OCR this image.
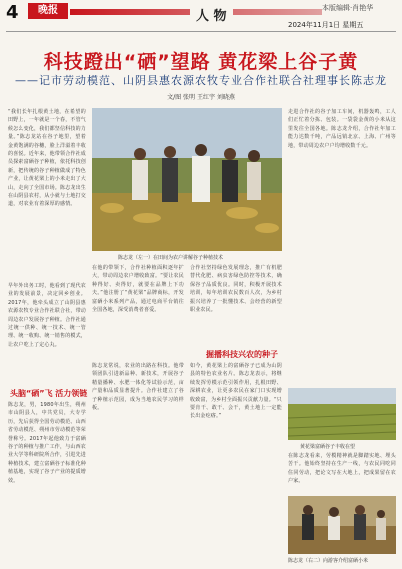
4	晚报	人 物
本版编辑·肖艳华
2024年11月1日 星期五
科技蹬出“硒”望路 黄花梁上谷子黄
——记市劳动模范、山阴县惠农源农牧专业合作社联合社理事长陈志龙
文/图 张明 王红宇 刘晓燕
“我们长年扎根黄土地，在希望的田野上，一年就是一个春，不管气候怎么变化，我们都坚信科技的力量。”陈志龙站在谷子地里，望着金黄饱满的谷穗，脸上洋溢着丰收的喜悦。近年来，他带领合作社成员探索富硒谷子种植，依托科技创新，把传统的谷子种植做成了特色产业，让黄花梁上的小米走出了大山，走向了全国市场。陈志龙出生在山阴县农村，从小就与土地打交道，对农业有着深厚的感情。
早年外出务工时，他看到了现代农业的发展前景，决定回乡创业。2017年，他牵头成立了山阴县惠农源农牧专业合作社联合社，带动周边农户发展谷子种植。合作社通过统一供种、统一技术、统一管理、统一收购、统一销售的模式，让农户吃上了定心丸。
头脑“硒”飞 活力领链
陈志龙，男，1980年出生，朔州市山阴县人，中共党员，大专学历，先后获得全国劳动模范、山西省劳动模范、朔州市劳动模范等荣誉称号。2017年起他致力于富硒谷子的种植与推广工作，与山西农业大学等科研院所合作，引进先进种植技术，建立富硒谷子标准化种植基地，实现了谷子产业的提质增效。
陈志龙（左一）在田间为农户讲解谷子种植技术
在他的带领下，合作社种植面积逐年扩大，带动周边农户增收致富。“要让农民种得好、卖得好，就要在品牌上下功夫。”他注册了“黄花梁”品牌商标，开发富硒小米系列产品，通过电商平台销往全国各地，深受消费者喜爱。
合作社坚持绿色发展理念，推广有机肥替代化肥、病虫害绿色防控等技术，确保谷子品质优良。同时，积极开展技术培训，每年培训农民数百人次，为乡村振兴培养了一批懂技术、会经营的新型职业农民。
掘播科技兴农的种子
陈志龙常说，农业的出路在科技。他带领团队引进新品种、新技术，开展谷子精量播种、水肥一体化等试验示范，亩产量和品质显著提升。合作社建立了谷子种植示范园，成为当地农民学习的样板。
如今，黄花梁上的富硒谷子已成为山阴县的特色农业名片。陈志龙表示，将继续发挥劳模示范引领作用，扎根田野、深耕农业，让更多农民在家门口实现增收致富，为乡村全面振兴贡献力量。“只要肯干、敢干、会干，黄土地上一定能长出金疙瘩。”
走进合作社的谷子加工车间，机器轰鸣，工人们正忙着分拣、包装。一袋袋金黄的小米从这里发往全国各地。陈志龙介绍，合作社年加工能力达数千吨，产品远销北京、上海、广州等地，带动周边农户户均增收数千元。
黄花梁富硒谷子丰收在望
在陈志龙看来，劳模精神就是脚踏实地、埋头苦干。他始终坚持在生产一线，与农民同吃同住同劳动，把论文写在大地上，把成果留在农户家。
陈志龙（右二）向游客介绍富硒小米
